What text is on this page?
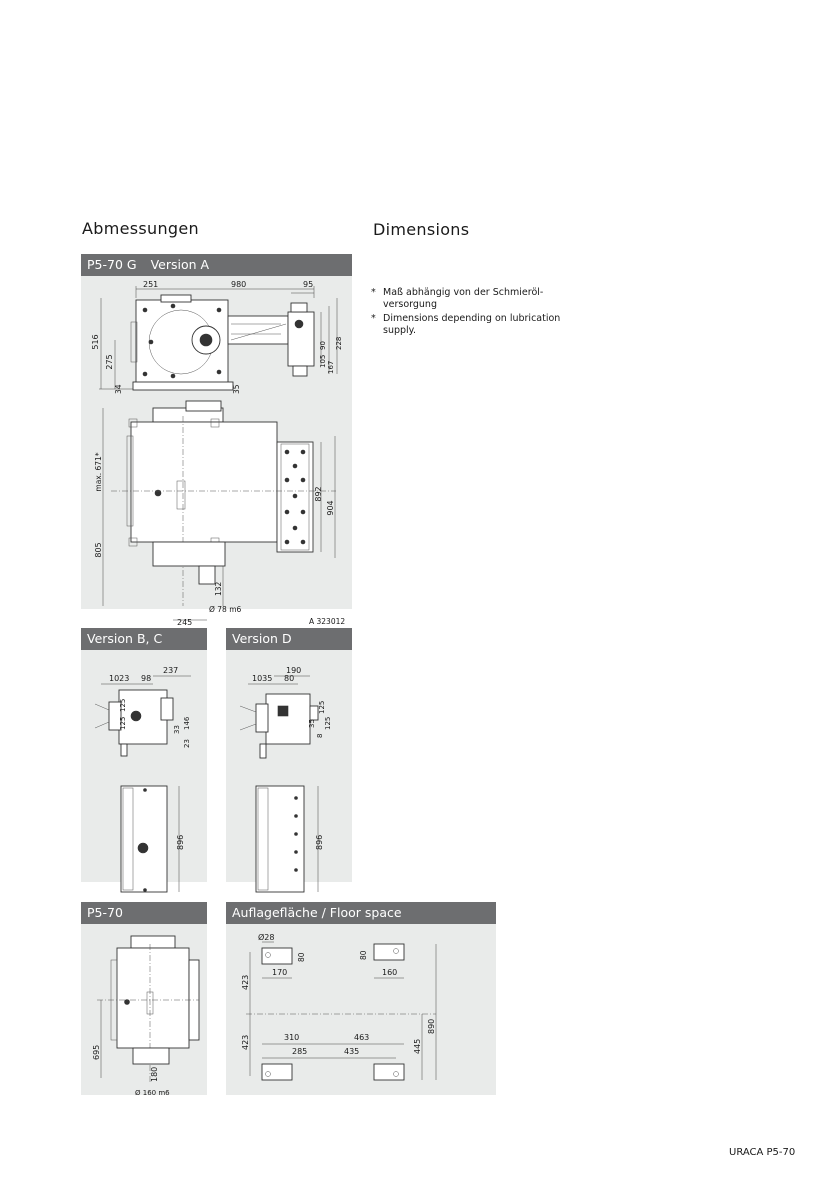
Abmessungen	Dimensions
* Maß abhängig von der Schmieröl-versorgung
* Dimensions depending on lubrication supply.
P5-70 G Version A
251	980	95
516
275
34	35
105
90
167
228
max. 671*
805
892
904
132
Ø 78 m6
245	A 323012
Version B, C
237
1023 98
125
125
33 146
23
896
Version D
190
1035 80
125
35
8
125
896
P5-70
695
180
Ø 160 m6
Auflagefläche / Floor space
Ø28
80
170
80
160
423
423
890
445
310	463
285	435
URACA P5-70
